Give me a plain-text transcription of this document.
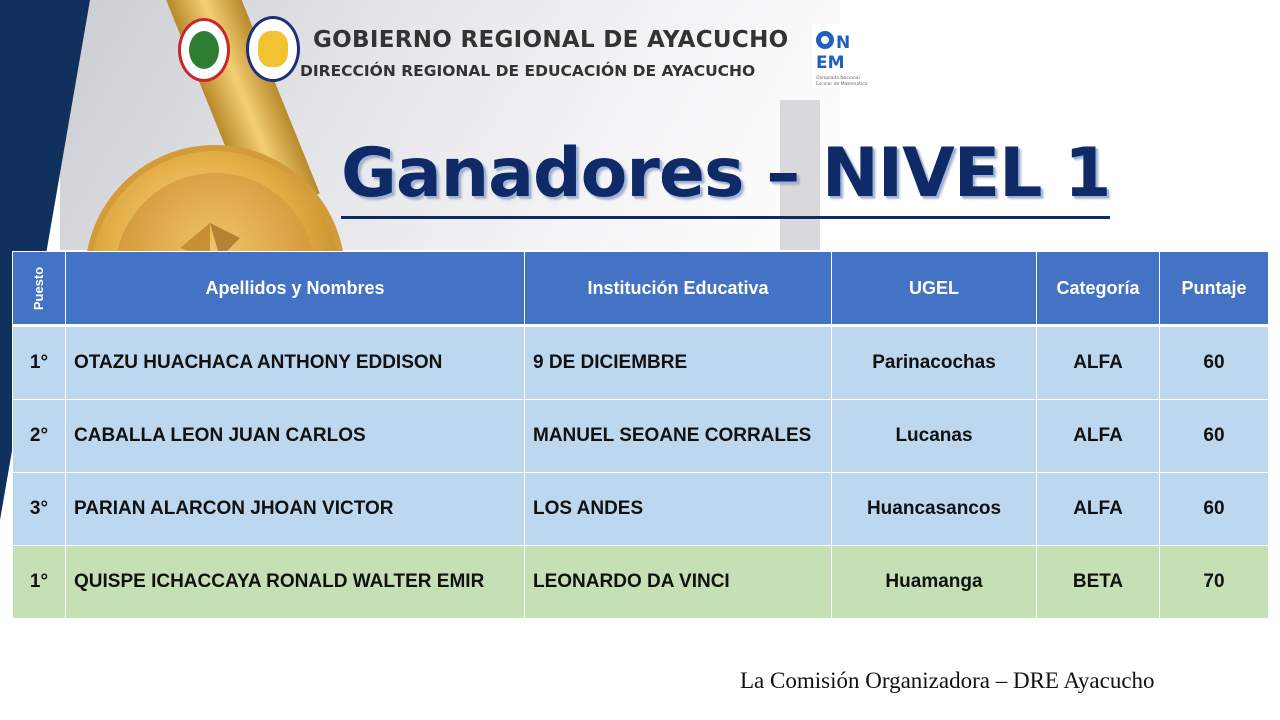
GOBIERNO REGIONAL DE AYACUCHO
DIRECCIÓN REGIONAL DE EDUCACIÓN DE AYACUCHO
N
EM
Olimpiada Nacional
Escolar de Matemática
Ganadores – NIVEL 1
Puesto	Apellidos y Nombres	Institución Educativa	UGEL	Categoría	Puntaje
1°	OTAZU HUACHACA ANTHONY EDDISON	9 DE DICIEMBRE	Parinacochas	ALFA	60
2°	CABALLA LEON JUAN CARLOS	MANUEL SEOANE CORRALES	Lucanas	ALFA	60
3°	PARIAN ALARCON JHOAN VICTOR	LOS ANDES	Huancasancos	ALFA	60
1°	QUISPE ICHACCAYA RONALD WALTER EMIR	LEONARDO DA VINCI	Huamanga	BETA	70
La Comisión Organizadora – DRE Ayacucho
